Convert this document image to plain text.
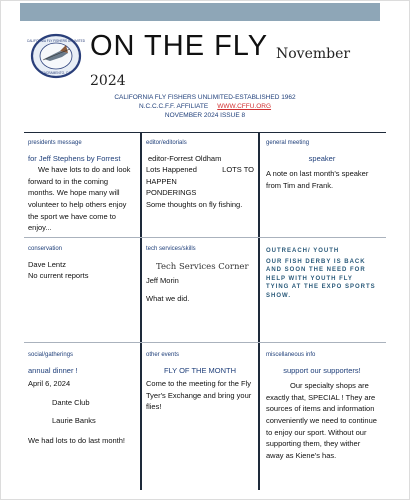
CALIFORNIA FLY FISHERS UNLIMITED
SACRAMENTO, CA
ON THE FLY November
2024
CALIFORNIA FLY FISHERS UNLIMITED-ESTABLISHED 1962
N.C.C.C.F.F. AFFILIATE WWW.CFFU.ORG
NOVEMBER 2024 ISSUE 8
presidents message
for Jeff Stephens by Forrest

We have lots to do and look forward to in the coming months. We hope many will volunteer to help others enjoy the sport we have come to enjoy...

editor/editorials
editor-Forrest Oldham
Lots Happened	LOTS TO
HAPPEN
PONDERINGS

Some thoughts on fly fishing.

general meeting
speaker

A note on last month's speaker from Tim and Frank.

conservation
Dave Lentz

No current reports

tech services/skills
Tech Services Corner
Jeff Morin

What we did.

OUTREACH/ YOUTH

OUR FISH DERBY IS BACK AND SOON THE NEED FOR HELP WITH YOUTH FLY TYING AT THE EXPO SPORTS SHOW.

social/gatherings
annual dinner !
April 6, 2024
Dante Club
Laurie Banks

We had lots to do last month!

other events
FLY OF THE MONTH

Come to the meeting for the Fly Tyer's Exchange and bring your flies!

miscellaneous info
support our supporters!

Our specialty shops are exactly that, SPECIAL ! They are sources of items and information conveniently we need to continue to enjoy our sport. Without our supporting them, they wither away as Kiene's has.
